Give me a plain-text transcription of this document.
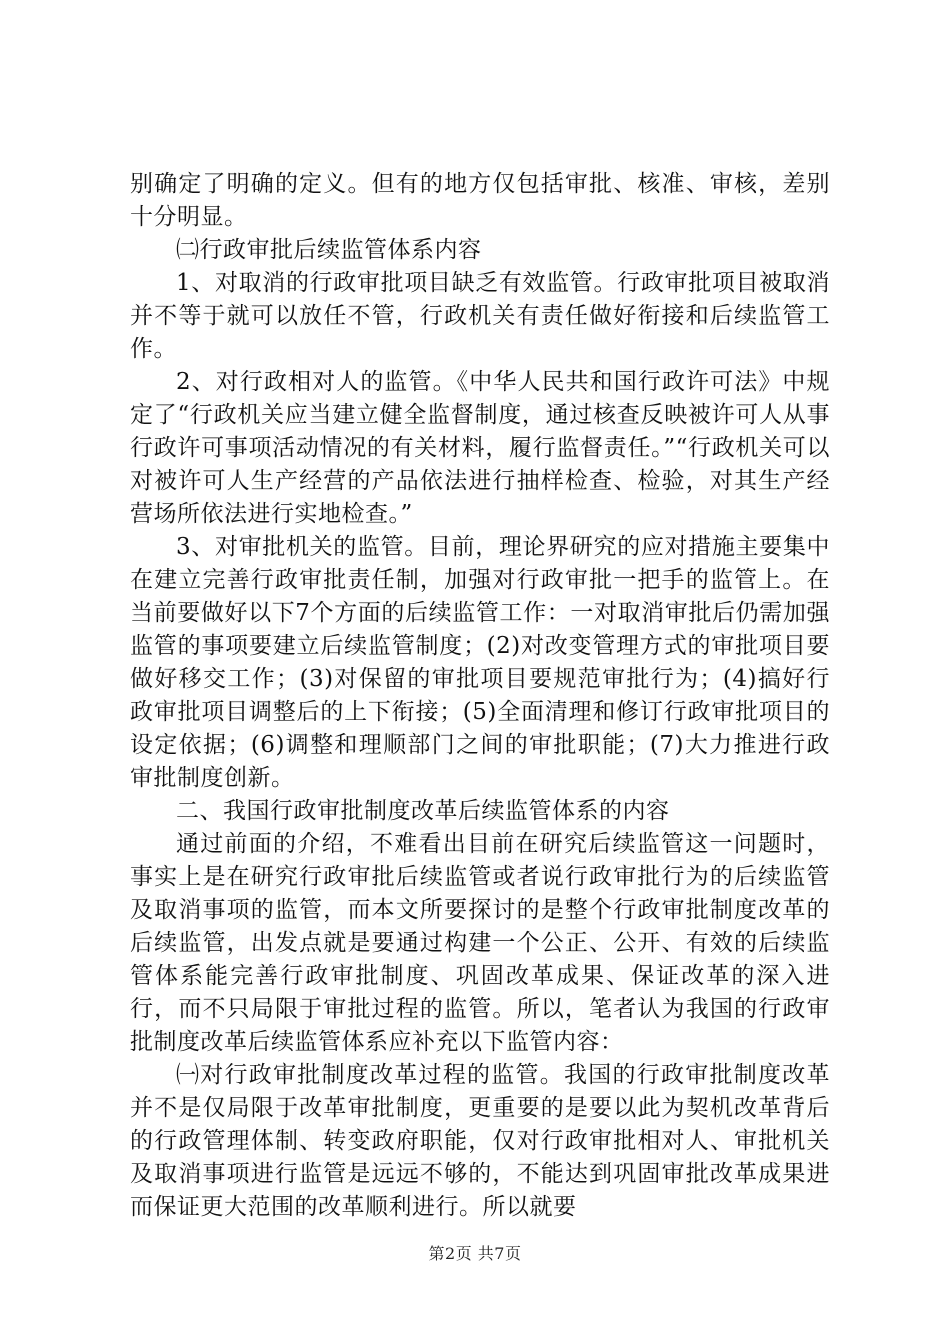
别确定了明确的定义。但有的地方仅包括审批、核准、审核，差别十分明显。

㈡行政审批后续监管体系内容

1、对取消的行政审批项目缺乏有效监管。行政审批项目被取消并不等于就可以放任不管，行政机关有责任做好衔接和后续监管工作。

2、对行政相对人的监管。《中华人民共和国行政许可法》中规定了“行政机关应当建立健全监督制度，通过核查反映被许可人从事行政许可事项活动情况的有关材料，履行监督责任。”“行政机关可以对被许可人生产经营的产品依法进行抽样检查、检验，对其生产经营场所依法进行实地检查。”

3、对审批机关的监管。目前，理论界研究的应对措施主要集中在建立完善行政审批责任制，加强对行政审批一把手的监管上。在当前要做好以下7个方面的后续监管工作：一对取消审批后仍需加强监管的事项要建立后续监管制度；(2)对改变管理方式的审批项目要做好移交工作；(3)对保留的审批项目要规范审批行为；(4)搞好行政审批项目调整后的上下衔接；(5)全面清理和修订行政审批项目的设定依据；(6)调整和理顺部门之间的审批职能；(7)大力推进行政审批制度创新。

二、我国行政审批制度改革后续监管体系的内容

通过前面的介绍，不难看出目前在研究后续监管这一问题时，事实上是在研究行政审批后续监管或者说行政审批行为的后续监管及取消事项的监管，而本文所要探讨的是整个行政审批制度改革的后续监管，出发点就是要通过构建一个公正、公开、有效的后续监管体系能完善行政审批制度、巩固改革成果、保证改革的深入进行，而不只局限于审批过程的监管。所以，笔者认为我国的行政审批制度改革后续监管体系应补充以下监管内容：

㈠对行政审批制度改革过程的监管。我国的行政审批制度改革并不是仅局限于改革审批制度，更重要的是要以此为契机改革背后的行政管理体制、转变政府职能，仅对行政审批相对人、审批机关及取消事项进行监管是远远不够的，不能达到巩固审批改革成果进而保证更大范围的改革顺利进行。所以就要

第2页 共7页
